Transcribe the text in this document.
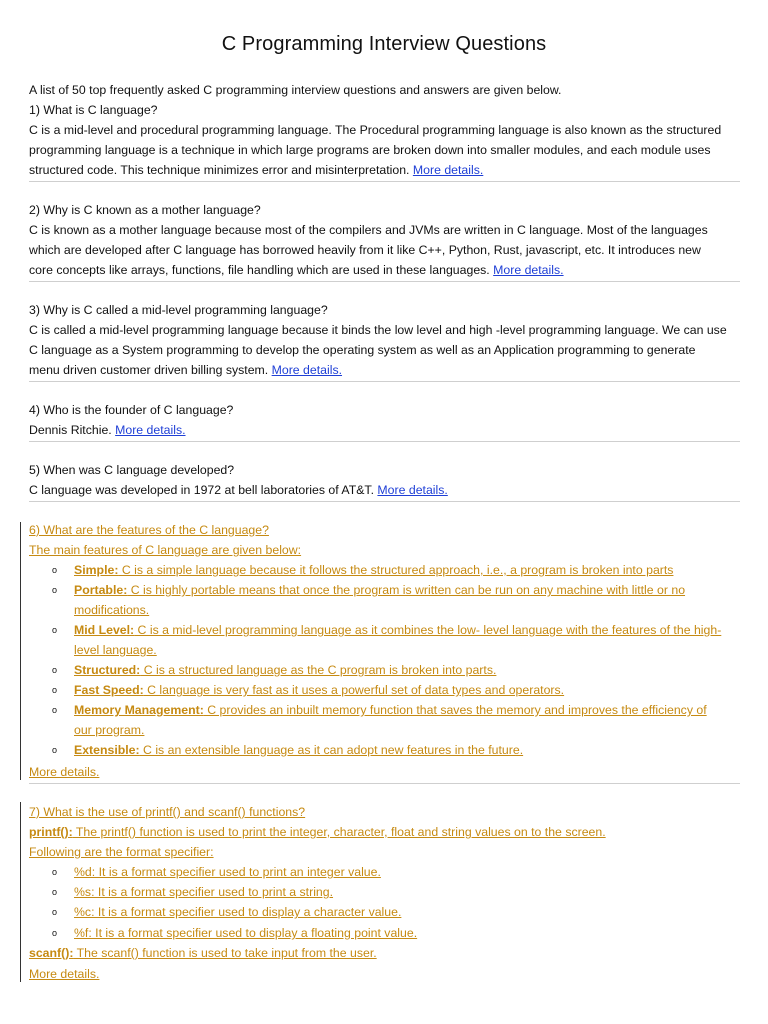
C Programming Interview Questions
A list of 50 top frequently asked C programming interview questions and answers are given below.
1) What is C language?
C is a mid-level and procedural programming language. The Procedural programming language is also known as the structured
programming language is a technique in which large programs are broken down into smaller modules, and each module uses
structured code. This technique minimizes error and misinterpretation. More details.
2) Why is C known as a mother language?
C is known as a mother language because most of the compilers and JVMs are written in C language. Most of the languages
which are developed after C language has borrowed heavily from it like C++, Python, Rust, javascript, etc. It introduces new
core concepts like arrays, functions, file handling which are used in these languages. More details.
3) Why is C called a mid-level programming language?
C is called a mid-level programming language because it binds the low level and high -level programming language. We can use
C language as a System programming to develop the operating system as well as an Application programming to generate
menu driven customer driven billing system. More details.
4) Who is the founder of C language?
Dennis Ritchie. More details.
5) When was C language developed?
C language was developed in 1972 at bell laboratories of AT&T. More details.
6) What are the features of the C language?
The main features of C language are given below:
o Simple: C is a simple language because it follows the structured approach, i.e., a program is broken into parts
o Portable: C is highly portable means that once the program is written can be run on any machine with little or no
modifications.
o Mid Level: C is a mid-level programming language as it combines the low- level language with the features of the high-
level language.
o Structured: C is a structured language as the C program is broken into parts.
o Fast Speed: C language is very fast as it uses a powerful set of data types and operators.
o Memory Management: C provides an inbuilt memory function that saves the memory and improves the efficiency of
our program.
o Extensible: C is an extensible language as it can adopt new features in the future.
More details.
7) What is the use of printf() and scanf() functions?
printf(): The printf() function is used to print the integer, character, float and string values on to the screen.
Following are the format specifier:
o %d: It is a format specifier used to print an integer value.
o %s: It is a format specifier used to print a string.
o %c: It is a format specifier used to display a character value.
o %f: It is a format specifier used to display a floating point value.
scanf(): The scanf() function is used to take input from the user.
More details.
